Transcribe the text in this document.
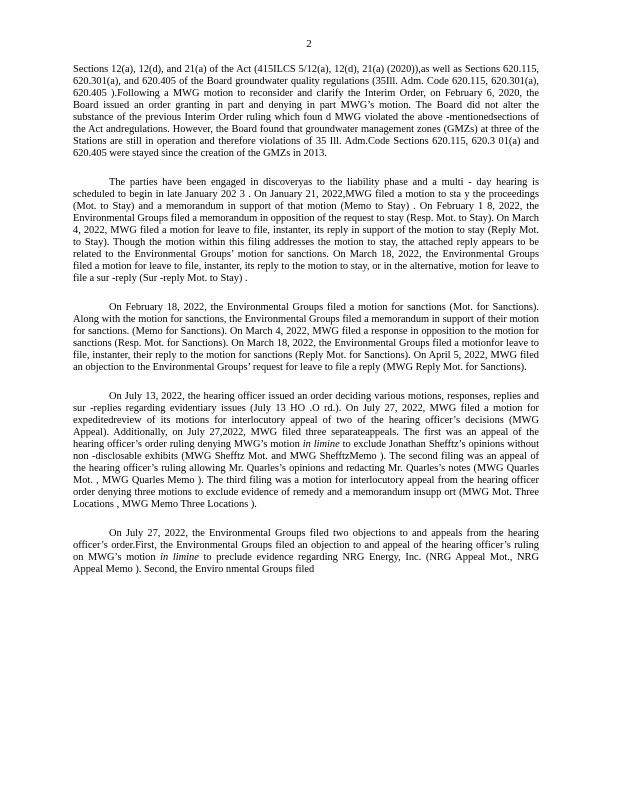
2

Sections 12(a), 12(d), and 21(a) of the Act (415ILCS 5/12(a), 12(d), 21(a) (2020)),as well as Sections 620.115, 620.301(a), and 620.405 of the Board groundwater quality regulations (35Ill. Adm. Code 620.115, 620.301(a), 620.405 ).Following a MWG motion to reconsider and clarify the Interim Order, on February 6, 2020, the Board issued an order granting in part and denying in part MWG’s motion. The Board did not alter the substance of the previous Interim Order ruling which foun d MWG violated the above -mentionedsections of the Act andregulations. However, the Board found that groundwater management zones (GMZs) at three of the Stations are still in operation and therefore violations of 35 Ill. Adm.Code Sections 620.115, 620.3 01(a) and 620.405 were stayed since the creation of the GMZs in 2013.

The parties have been engaged in discoveryas to the liability phase and a multi - day hearing is scheduled to begin in late January 202 3 . On January 21, 2022,MWG filed a motion to sta y the proceedings (Mot. to Stay) and a memorandum in support of that motion (Memo to Stay) . On February 1 8, 2022, the Environmental Groups filed a memorandum in opposition of the request to stay (Resp. Mot. to Stay). On March 4, 2022, MWG filed a motion for leave to file, instanter, its reply in support of the motion to stay (Reply Mot. to Stay). Though the motion within this filing addresses the motion to stay, the attached reply appears to be related to the Environmental Groups’ motion for sanctions. On March 18, 2022, the Environmental Groups filed a motion for leave to file, instanter, its reply to the motion to stay, or in the alternative, motion for leave to file a sur -reply (Sur -reply Mot. to Stay) .

On February 18, 2022, the Environmental Groups filed a motion for sanctions (Mot. for Sanctions). Along with the motion for sanctions, the Environmental Groups filed a memorandum in support of their motion for sanctions. (Memo for Sanctions). On March 4, 2022, MWG filed a response in opposition to the motion for sanctions (Resp. Mot. for Sanctions). On March 18, 2022, the Environmental Groups filed a motionfor leave to file, instanter, their reply to the motion for sanctions (Reply Mot. for Sanctions). On April 5, 2022, MWG filed an objection to the Environmental Groups’ request for leave to file a reply (MWG Reply Mot. for Sanctions).

On July 13, 2022, the hearing officer issued an order deciding various motions, responses, replies and sur -replies regarding evidentiary issues (July 13 HO .O rd.). On July 27, 2022, MWG filed a motion for expeditedreview of its motions for interlocutory appeal of two of the hearing officer’s decisions (MWG Appeal). Additionally, on July 27,2022, MWG filed three separateappeals. The first was an appeal of the hearing officer’s order ruling denying MWG’s motion in limine to exclude Jonathan Shefftz’s opinions without non -disclosable exhibits (MWG Shefftz Mot. and MWG ShefftzMemo ). The second filing was an appeal of the hearing officer’s ruling allowing Mr. Quarles’s opinions and redacting Mr. Quarles’s notes (MWG Quarles Mot. , MWG Quarles Memo ). The third filing was a motion for interlocutory appeal from the hearing officer order denying three motions to exclude evidence of remedy and a memorandum insupp ort (MWG Mot. Three Locations , MWG Memo Three Locations ).

On July 27, 2022, the Environmental Groups filed two objections to and appeals from the hearing officer’s order.First, the Environmental Groups filed an objection to and appeal of the hearing officer’s ruling on MWG’s motion in limine to preclude evidence regarding NRG Energy, Inc. (NRG Appeal Mot., NRG Appeal Memo ). Second, the Enviro nmental Groups filed
